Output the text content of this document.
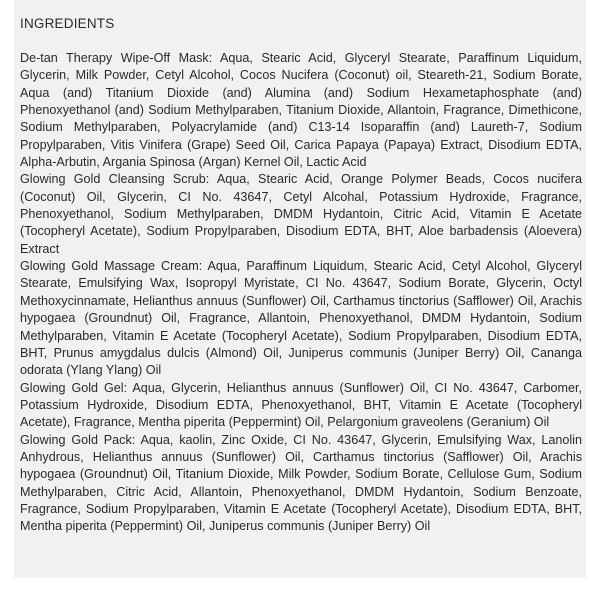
INGREDIENTS

De-tan Therapy Wipe-Off Mask: Aqua, Stearic Acid, Glyceryl Stearate, Paraffinum Liquidum, Glycerin, Milk Powder, Cetyl Alcohol, Cocos Nucifera (Coconut) oil, Steareth-21, Sodium Borate, Aqua (and) Titanium Dioxide (and) Alumina (and) Sodium Hexametaphosphate (and) Phenoxyethanol (and) Sodium Methylparaben, Titanium Dioxide, Allantoin, Fragrance, Dimethicone, Sodium Methylparaben, Polyacrylamide (and) C13-14 Isoparaffin (and) Laureth-7, Sodium Propylparaben, Vitis Vinifera (Grape) Seed Oil, Carica Papaya (Papaya) Extract, Disodium EDTA, Alpha-Arbutin, Argania Spinosa (Argan) Kernel Oil, Lactic Acid

Glowing Gold Cleansing Scrub: Aqua, Stearic Acid, Orange Polymer Beads, Cocos nucifera (Coconut) Oil, Glycerin, CI No. 43647, Cetyl Alcohal, Potassium Hydroxide, Fragrance, Phenoxyethanol, Sodium Methylparaben, DMDM Hydantoin, Citric Acid, Vitamin E Acetate (Tocopheryl Acetate), Sodium Propylparaben, Disodium EDTA, BHT, Aloe barbadensis (Aloevera) Extract

Glowing Gold Massage Cream: Aqua, Paraffinum Liquidum, Stearic Acid, Cetyl Alcohol, Glyceryl Stearate, Emulsifying Wax, Isopropyl Myristate, CI No. 43647, Sodium Borate, Glycerin, Octyl Methoxycinnamate, Helianthus annuus (Sunflower) Oil, Carthamus tinctorius (Safflower) Oil, Arachis hypogaea (Groundnut) Oil, Fragrance, Allantoin, Phenoxyethanol, DMDM Hydantoin, Sodium Methylparaben, Vitamin E Acetate (Tocopheryl Acetate), Sodium Propylparaben, Disodium EDTA, BHT, Prunus amygdalus dulcis (Almond) Oil, Juniperus communis (Juniper Berry) Oil, Cananga odorata (Ylang Ylang) Oil

Glowing Gold Gel: Aqua, Glycerin, Helianthus annuus (Sunflower) Oil, CI No. 43647, Carbomer, Potassium Hydroxide, Disodium EDTA, Phenoxyethanol, BHT, Vitamin E Acetate (Tocopheryl Acetate), Fragrance, Mentha piperita (Peppermint) Oil, Pelargonium graveolens (Geranium) Oil

Glowing Gold Pack: Aqua, kaolin, Zinc Oxide, CI No. 43647, Glycerin, Emulsifying Wax, Lanolin Anhydrous, Helianthus annuus (Sunflower) Oil, Carthamus tinctorius (Safflower) Oil, Arachis hypogaea (Groundnut) Oil, Titanium Dioxide, Milk Powder, Sodium Borate, Cellulose Gum, Sodium Methylparaben, Citric Acid, Allantoin, Phenoxyethanol, DMDM Hydantoin, Sodium Benzoate, Fragrance, Sodium Propylparaben, Vitamin E Acetate (Tocopheryl Acetate), Disodium EDTA, BHT, Mentha piperita (Peppermint) Oil, Juniperus communis (Juniper Berry) Oil
